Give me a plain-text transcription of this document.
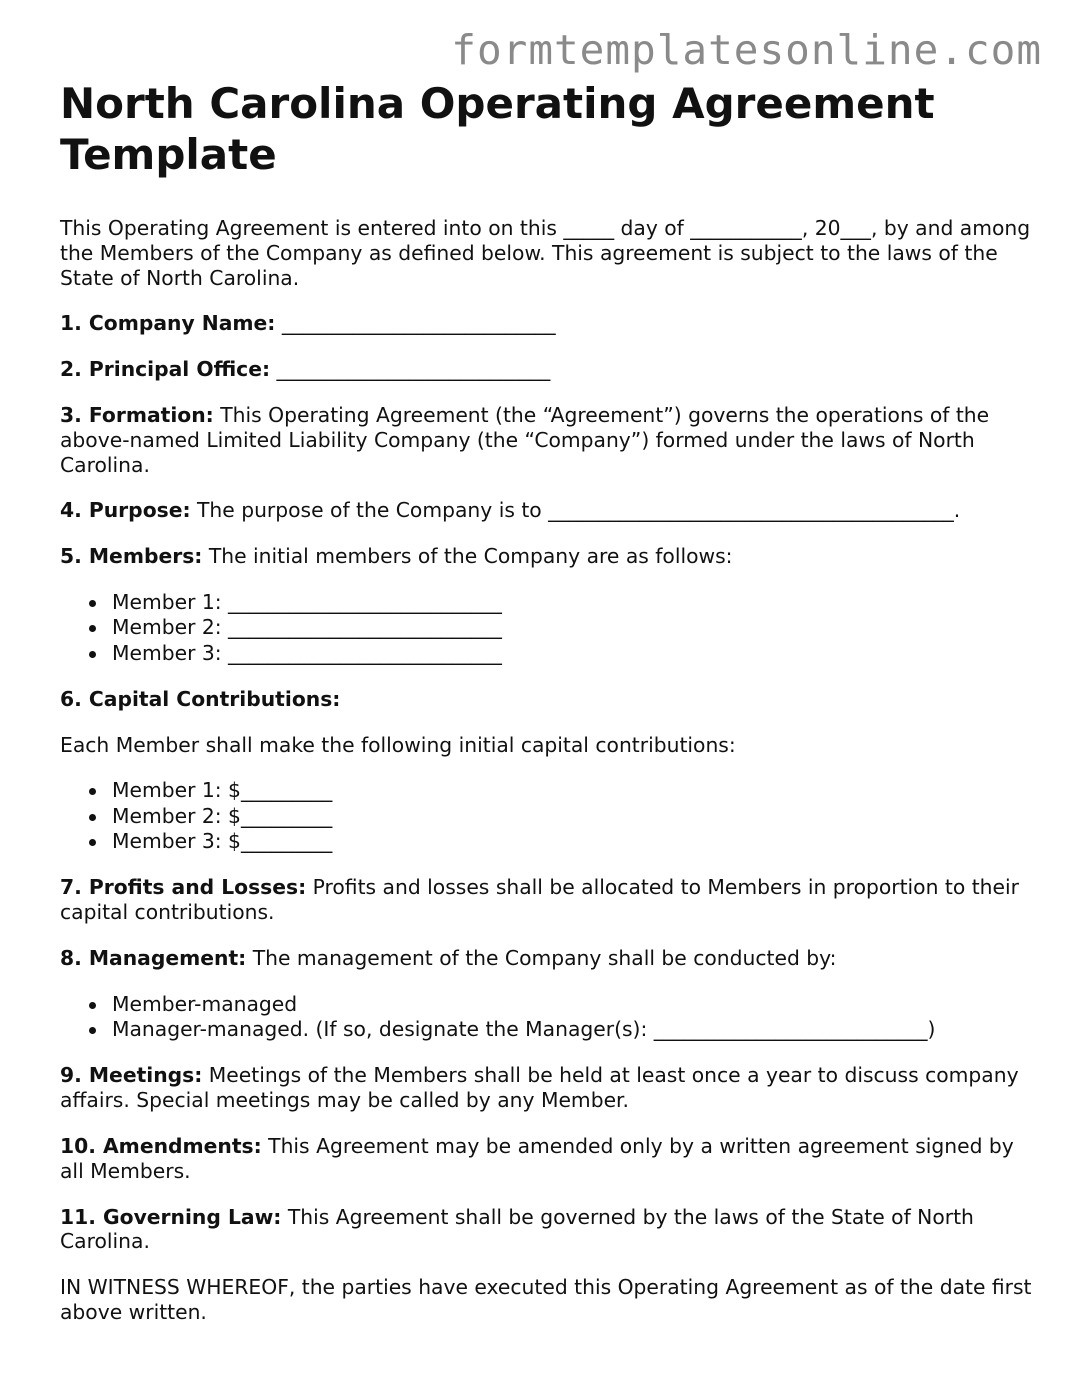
formtemplatesonline.com
North Carolina Operating Agreement Template

This Operating Agreement is entered into on this _____ day of ___________, 20___, by and among the Members of the Company as defined below. This agreement is subject to the laws of the State of North Carolina.

1. Company Name: ___________________________

2. Principal Office: ___________________________

3. Formation: This Operating Agreement (the “Agreement”) governs the operations of the above-named Limited Liability Company (the “Company”) formed under the laws of North Carolina.

4. Purpose: The purpose of the Company is to ________________________________________.

5. Members: The initial members of the Company are as follows:

Member 1: ___________________________
Member 2: ___________________________
Member 3: ___________________________

6. Capital Contributions:

Each Member shall make the following initial capital contributions:

Member 1: $_________
Member 2: $_________
Member 3: $_________

7. Profits and Losses: Profits and losses shall be allocated to Members in proportion to their capital contributions.

8. Management: The management of the Company shall be conducted by:

Member-managed
Manager-managed. (If so, designate the Manager(s): ___________________________)

9. Meetings: Meetings of the Members shall be held at least once a year to discuss company affairs. Special meetings may be called by any Member.

10. Amendments: This Agreement may be amended only by a written agreement signed by all Members.

11. Governing Law: This Agreement shall be governed by the laws of the State of North Carolina.

IN WITNESS WHEREOF, the parties have executed this Operating Agreement as of the date first above written.
